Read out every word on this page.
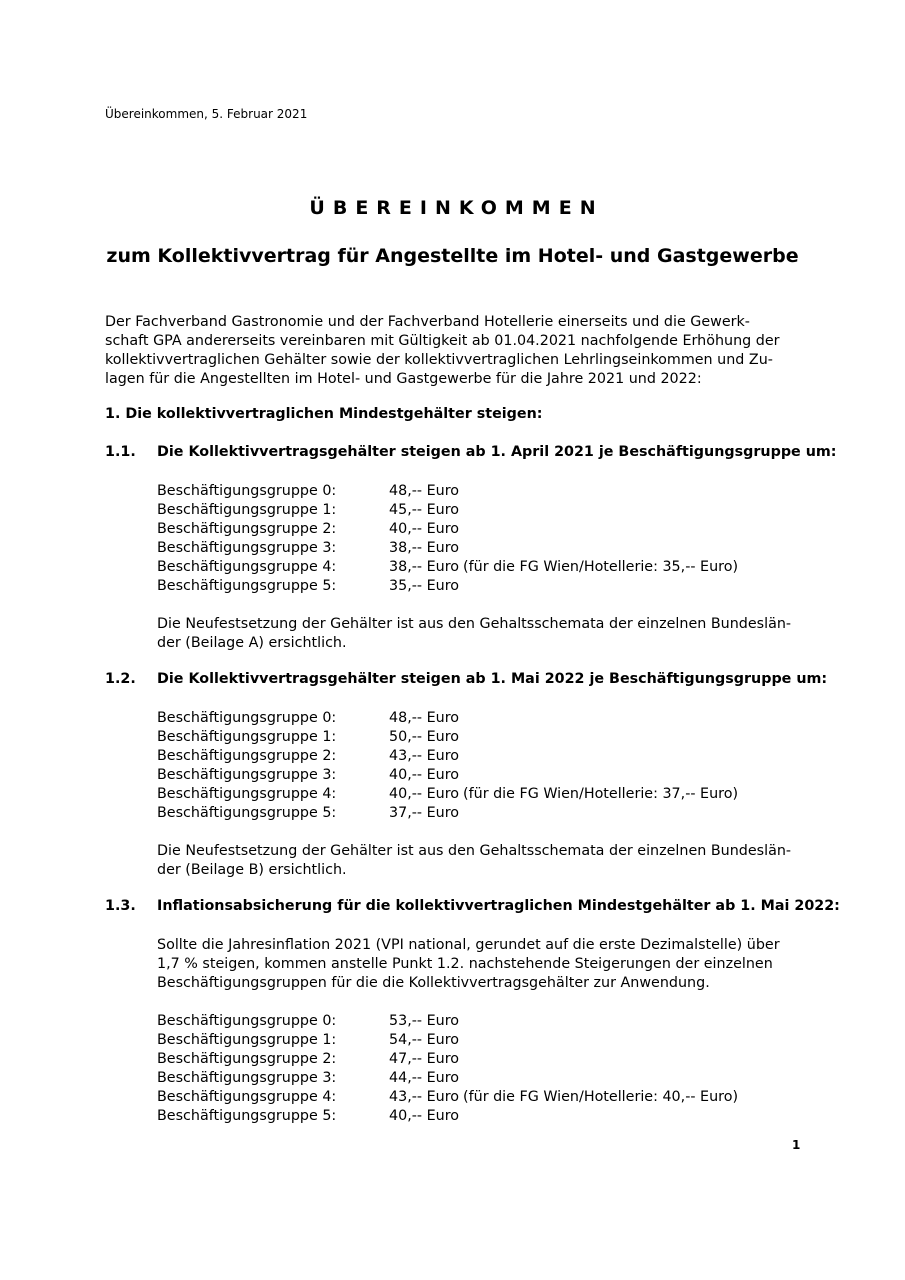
Übereinkommen, 5. Februar 2021
ÜBEREINKOMMEN
zum Kollektivvertrag für Angestellte im Hotel- und Gastgewerbe
Der Fachverband Gastronomie und der Fachverband Hotellerie einerseits und die Gewerk-
schaft GPA andererseits vereinbaren mit Gültigkeit ab 01.04.2021 nachfolgende Erhöhung der
kollektivvertraglichen Gehälter sowie der kollektivvertraglichen Lehrlingseinkommen und Zu-
lagen für die Angestellten im Hotel- und Gastgewerbe für die Jahre 2021 und 2022:
1. Die kollektivvertraglichen Mindestgehälter steigen:
1.1. Die Kollektivvertragsgehälter steigen ab 1. April 2021 je Beschäftigungsgruppe um:
Beschäftigungsgruppe 0:	48,-- Euro
Beschäftigungsgruppe 1:	45,-- Euro
Beschäftigungsgruppe 2:	40,-- Euro
Beschäftigungsgruppe 3:	38,-- Euro
Beschäftigungsgruppe 4:	38,-- Euro (für die FG Wien/Hotellerie: 35,-- Euro)
Beschäftigungsgruppe 5:	35,-- Euro
Die Neufestsetzung der Gehälter ist aus den Gehaltsschemata der einzelnen Bundeslän-
der (Beilage A) ersichtlich.
1.2. Die Kollektivvertragsgehälter steigen ab 1. Mai 2022 je Beschäftigungsgruppe um:
Beschäftigungsgruppe 0:	48,-- Euro
Beschäftigungsgruppe 1:	50,-- Euro
Beschäftigungsgruppe 2:	43,-- Euro
Beschäftigungsgruppe 3:	40,-- Euro
Beschäftigungsgruppe 4:	40,-- Euro (für die FG Wien/Hotellerie: 37,-- Euro)
Beschäftigungsgruppe 5:	37,-- Euro
Die Neufestsetzung der Gehälter ist aus den Gehaltsschemata der einzelnen Bundeslän-
der (Beilage B) ersichtlich.
1.3. Inflationsabsicherung für die kollektivvertraglichen Mindestgehälter ab 1. Mai 2022:
Sollte die Jahresinflation 2021 (VPI national, gerundet auf die erste Dezimalstelle) über
1,7 % steigen, kommen anstelle Punkt 1.2. nachstehende Steigerungen der einzelnen
Beschäftigungsgruppen für die die Kollektivvertragsgehälter zur Anwendung.
Beschäftigungsgruppe 0:	53,-- Euro
Beschäftigungsgruppe 1:	54,-- Euro
Beschäftigungsgruppe 2:	47,-- Euro
Beschäftigungsgruppe 3:	44,-- Euro
Beschäftigungsgruppe 4:	43,-- Euro (für die FG Wien/Hotellerie: 40,-- Euro)
Beschäftigungsgruppe 5:	40,-- Euro
1
